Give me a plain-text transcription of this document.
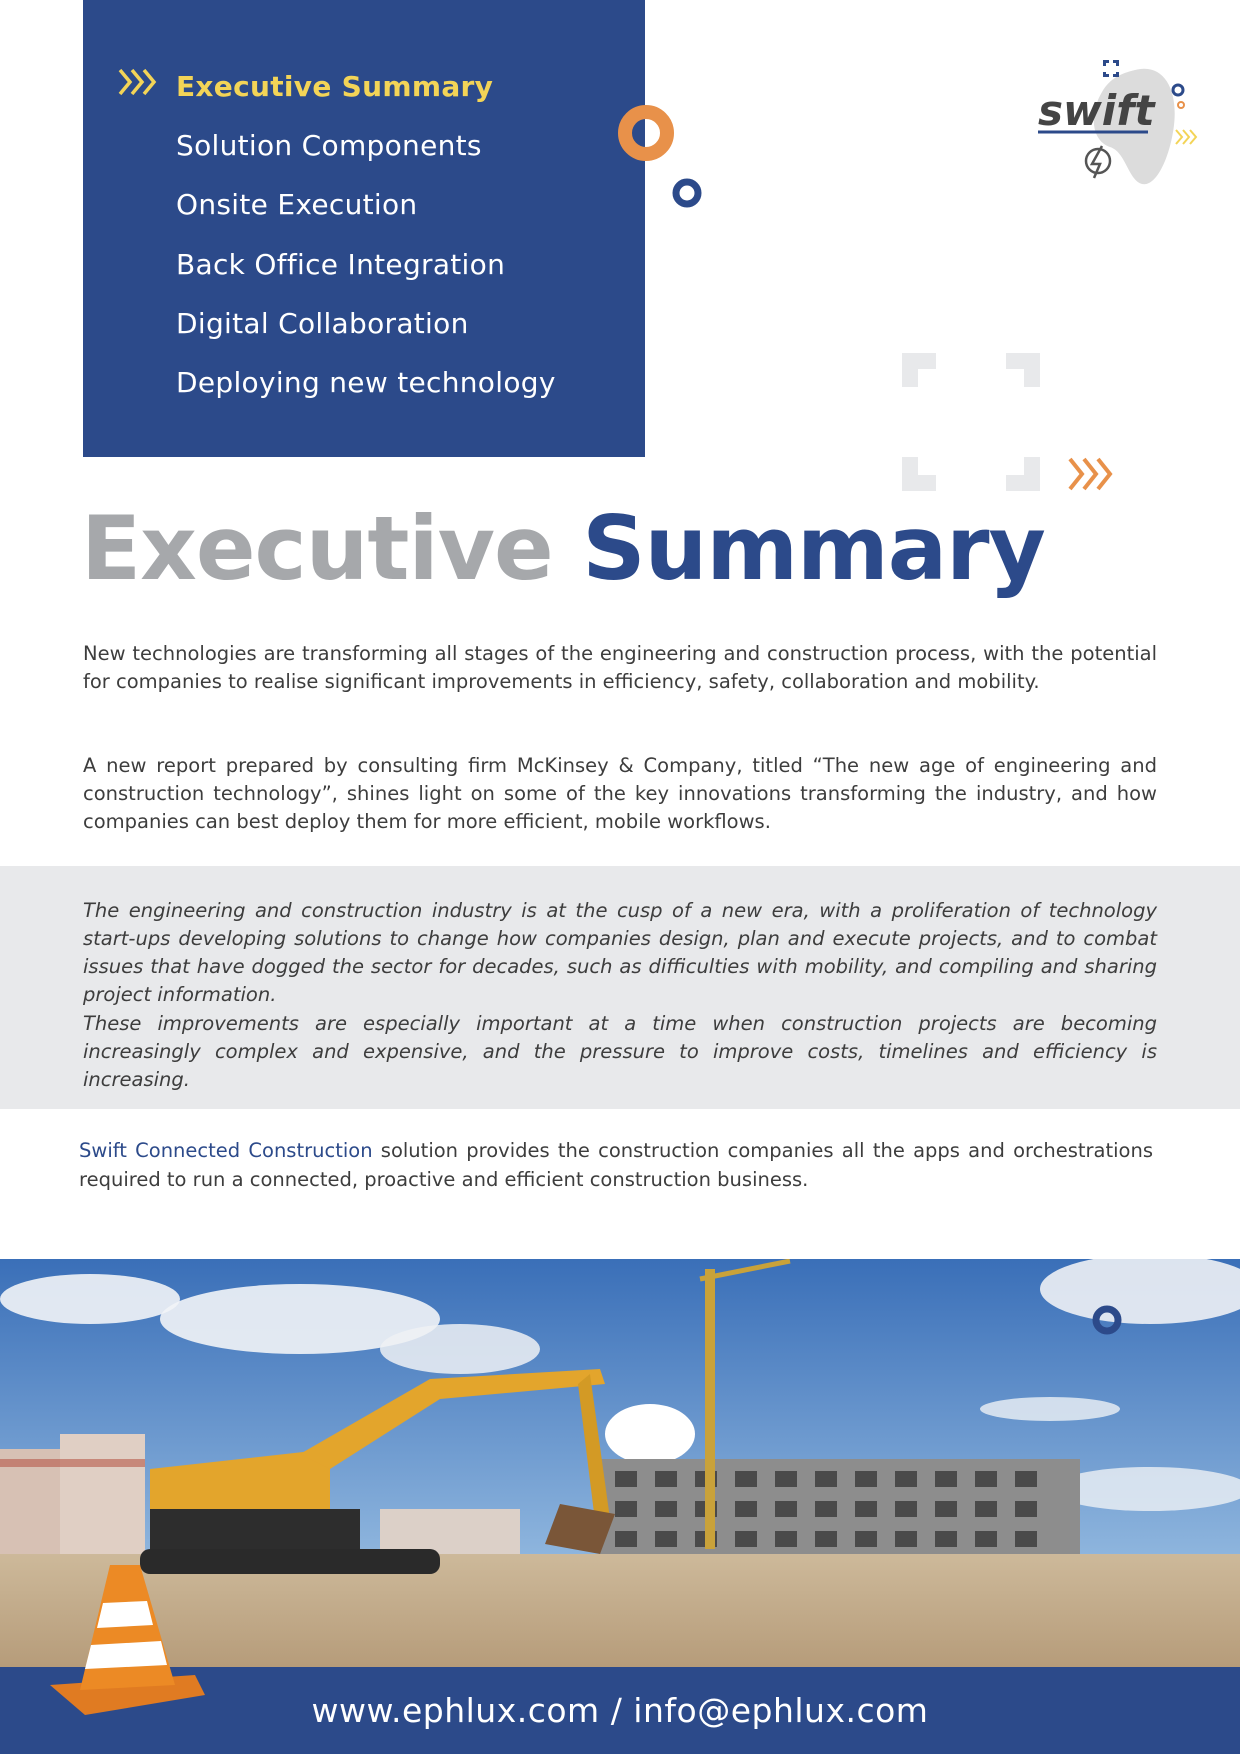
Executive Summary
Solution Components
Onsite Execution
Back Office Integration
Digital Collaboration
Deploying new technology
swift
Executive Summary

New technologies are transforming all stages of the engineering and construction process, with the potential for companies to realise significant improvements in efficiency, safety, collaboration and mobility.

A new report prepared by consulting firm McKinsey & Company, titled “The new age of engineering and construction technology”, shines light on some of the key innovations transforming the industry, and how companies can best deploy them for more efficient, mobile workflows.

The engineering and construction industry is at the cusp of a new era, with a proliferation of technology start-ups developing solutions to change how companies design, plan and execute projects, and to combat issues that have dogged the sector for decades, such as difficulties with mobility, and compiling and sharing project information.

These improvements are especially important at a time when construction projects are becoming increasingly complex and expensive, and the pressure to improve costs, timelines and efficiency is increasing.

Swift Connected Construction solution provides the construction companies all the apps and orchestrations required to run a connected, proactive and efficient construction business.

www.ephlux.com / info@ephlux.com
